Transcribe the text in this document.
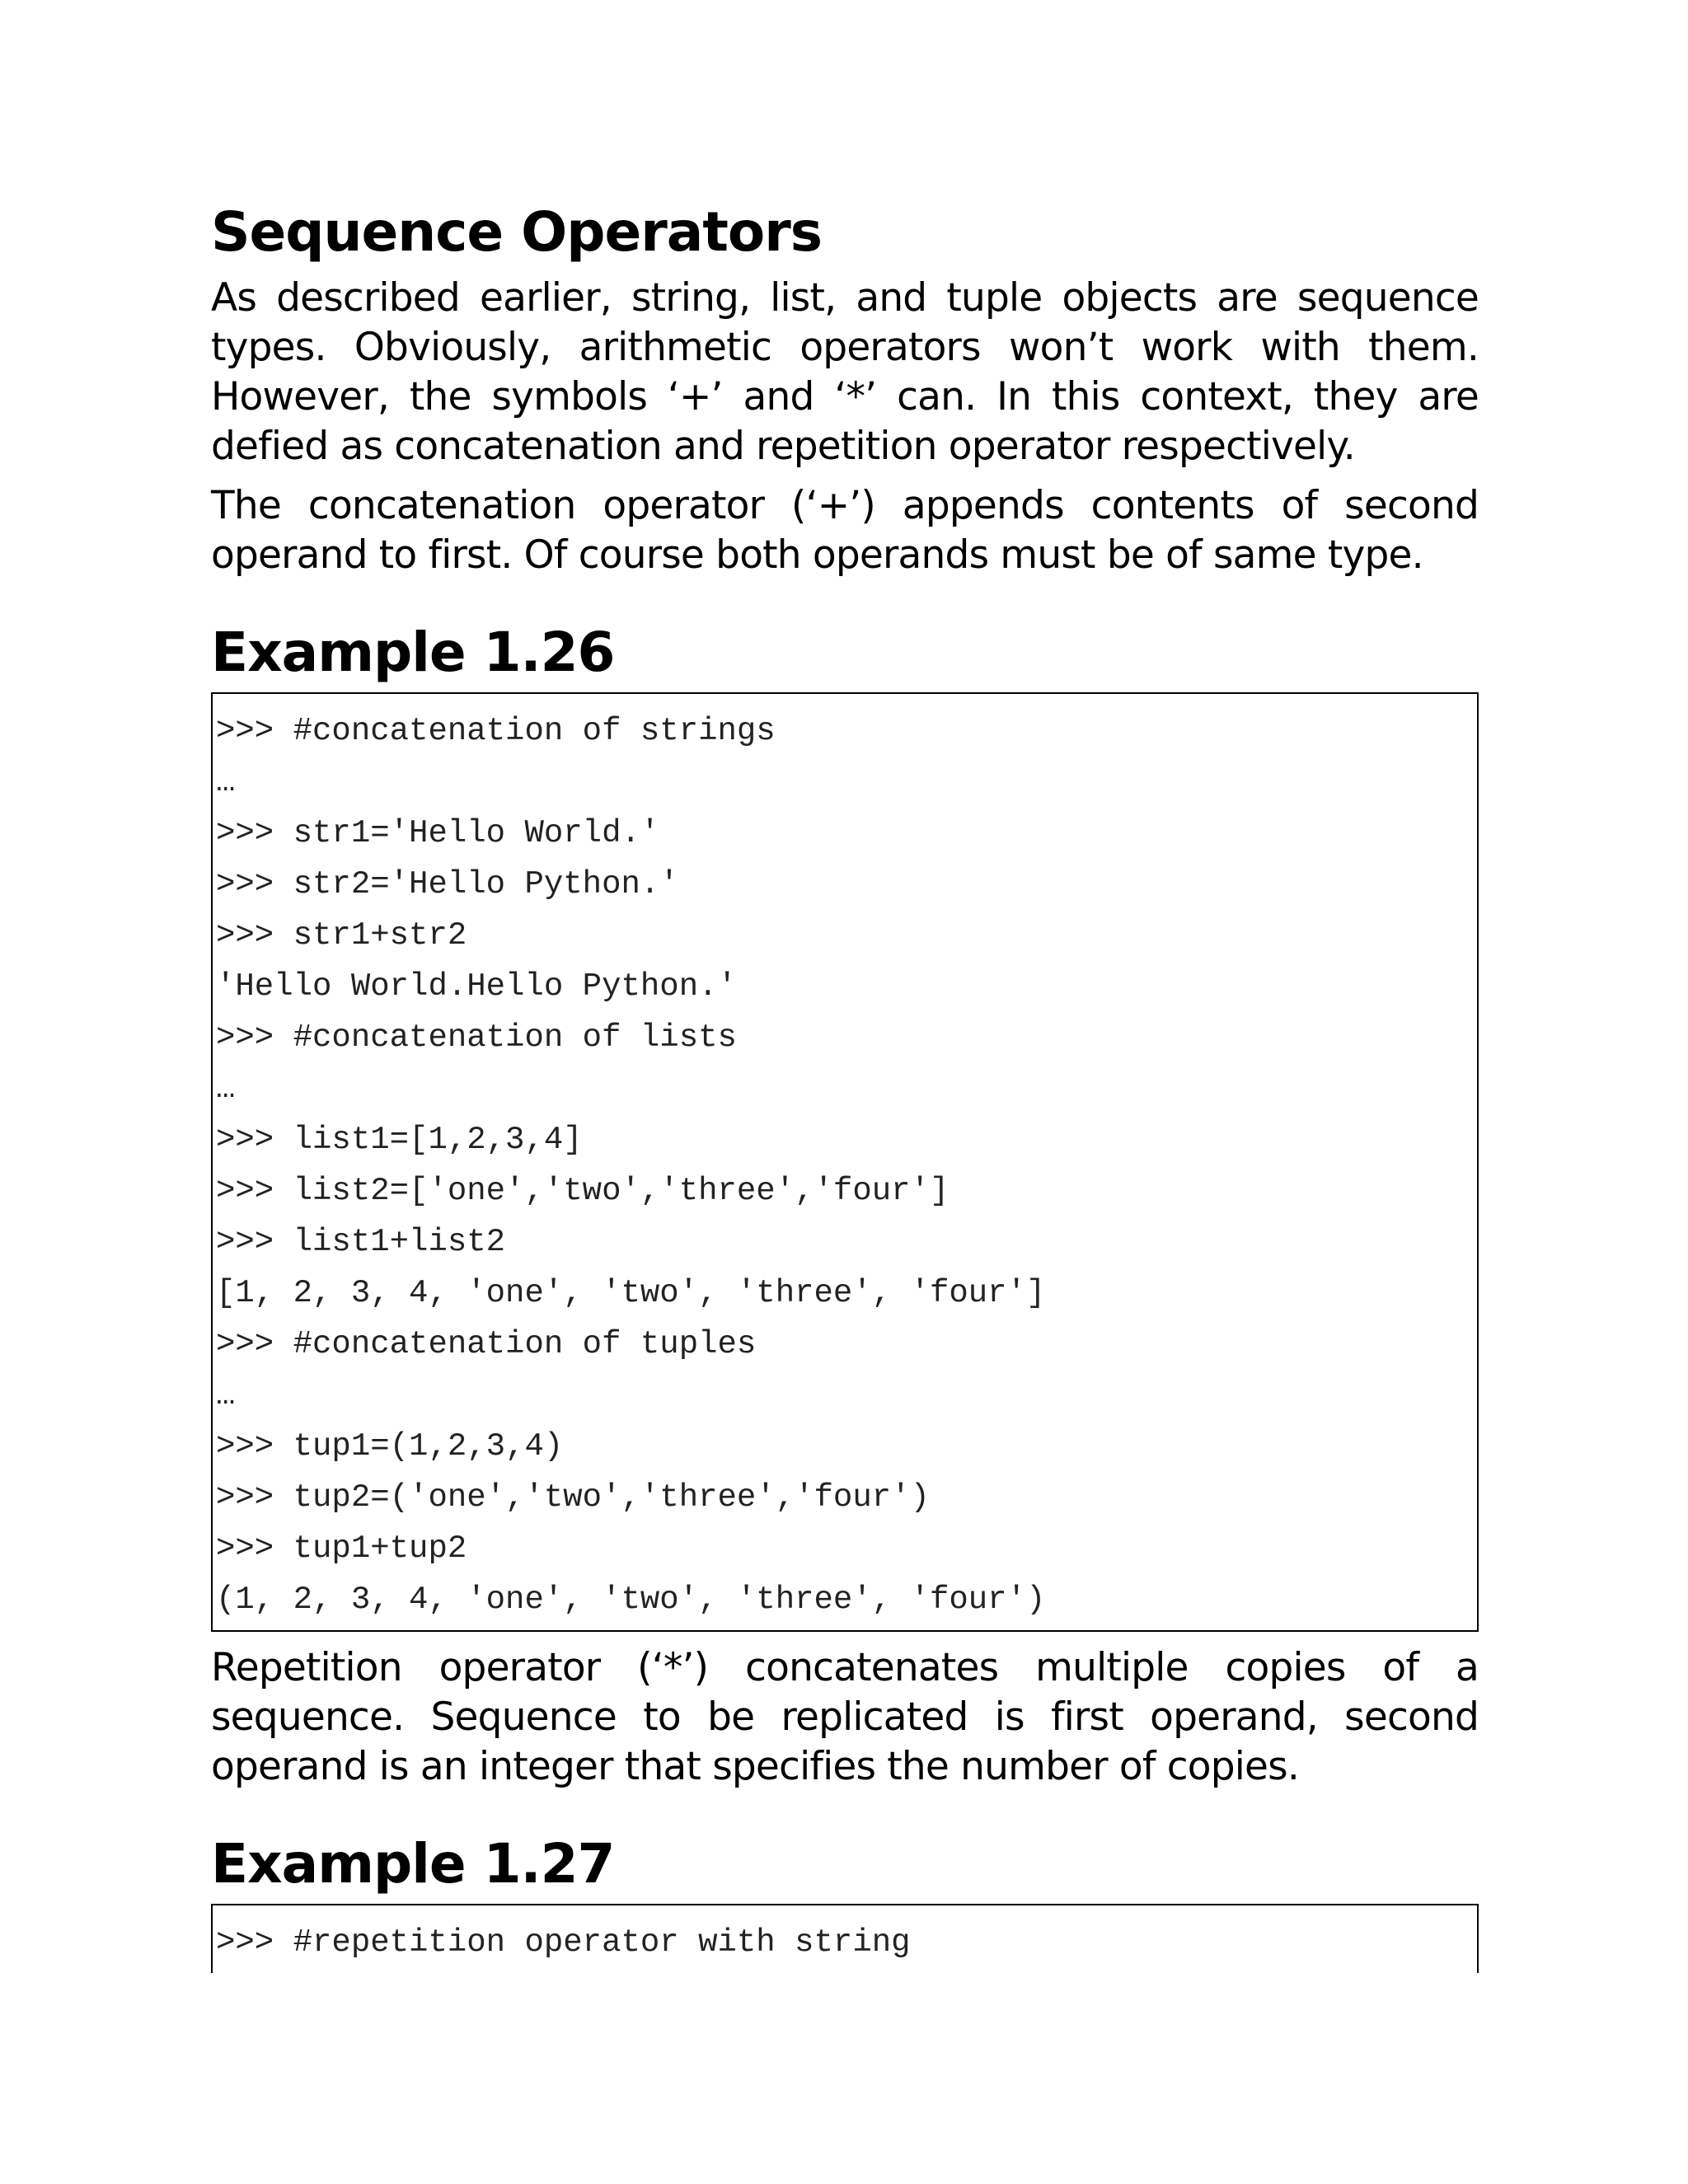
Sequence Operators

As described earlier, string, list, and tuple objects are sequence types. Obviously, arithmetic operators won’t work with them. However, the symbols ‘+’ and ‘*’ can. In this context, they are defied as concatenation and repetition operator respectively.

The concatenation operator (‘+’) appends contents of second operand to first. Of course both operands must be of same type.

Example 1.26
>>> #concatenation of strings
…
>>> str1='Hello World.'
>>> str2='Hello Python.'
>>> str1+str2
'Hello World.Hello Python.'
>>> #concatenation of lists
…
>>> list1=[1,2,3,4]
>>> list2=['one','two','three','four']
>>> list1+list2
[1, 2, 3, 4, 'one', 'two', 'three', 'four']
>>> #concatenation of tuples
…
>>> tup1=(1,2,3,4)
>>> tup2=('one','two','three','four')
>>> tup1+tup2
(1, 2, 3, 4, 'one', 'two', 'three', 'four')

Repetition operator (‘*’) concatenates multiple copies of a sequence. Sequence to be replicated is first operand, second operand is an integer that specifies the number of copies.

Example 1.27
>>> #repetition operator with string
